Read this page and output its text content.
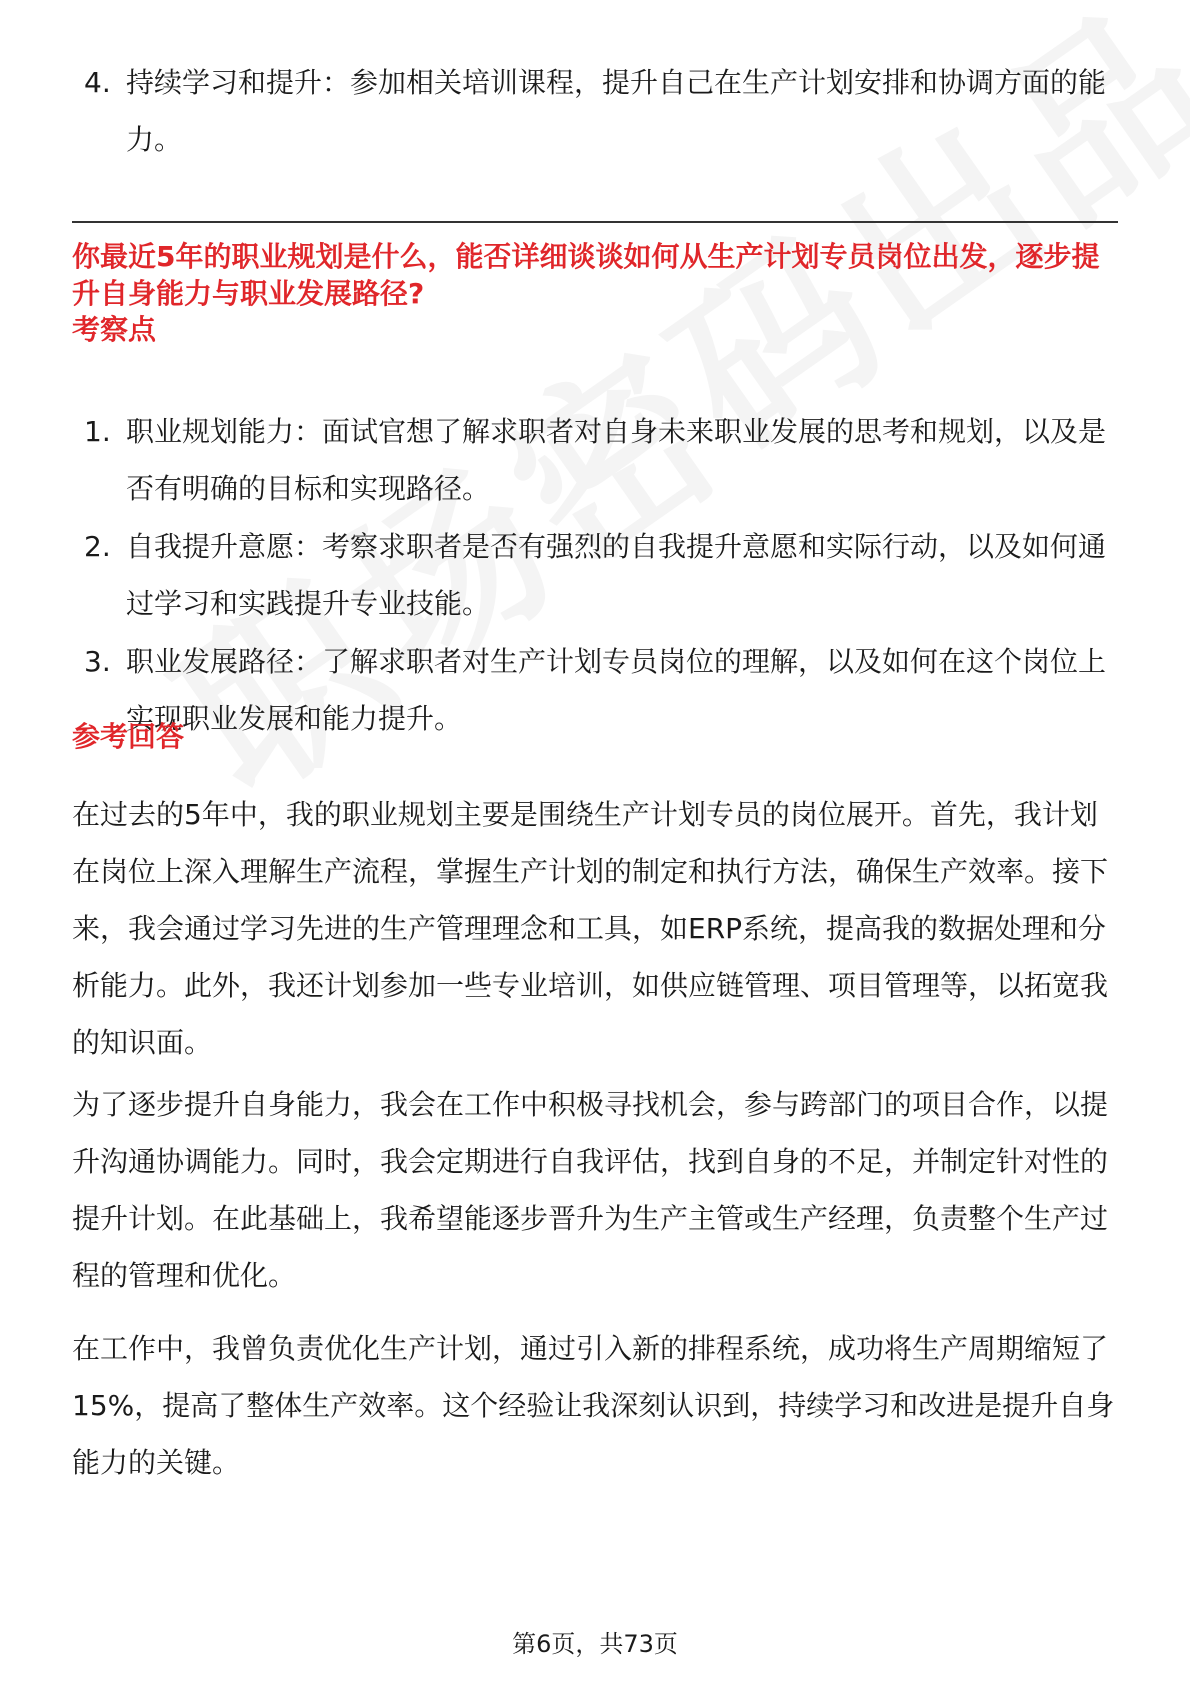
4. 持续学习和提升：参加相关培训课程，提升自己在生产计划安排和协调方面的能力。
你最近5年的职业规划是什么，能否详细谈谈如何从生产计划专员岗位出发，逐步提升自身能力与职业发展路径?
考察点
1. 职业规划能力：面试官想了解求职者对自身未来职业发展的思考和规划，以及是否有明确的目标和实现路径。
2. 自我提升意愿：考察求职者是否有强烈的自我提升意愿和实际行动，以及如何通过学习和实践提升专业技能。
3. 职业发展路径：了解求职者对生产计划专员岗位的理解，以及如何在这个岗位上实现职业发展和能力提升。
参考回答

在过去的5年中，我的职业规划主要是围绕生产计划专员的岗位展开。首先，我计划在岗位上深入理解生产流程，掌握生产计划的制定和执行方法，确保生产效率。接下来，我会通过学习先进的生产管理理念和工具，如ERP系统，提高我的数据处理和分析能力。此外，我还计划参加一些专业培训，如供应链管理、项目管理等，以拓宽我的知识面。

为了逐步提升自身能力，我会在工作中积极寻找机会，参与跨部门的项目合作，以提升沟通协调能力。同时，我会定期进行自我评估，找到自身的不足，并制定针对性的提升计划。在此基础上，我希望能逐步晋升为生产主管或生产经理，负责整个生产过程的管理和优化。

在工作中，我曾负责优化生产计划，通过引入新的排程系统，成功将生产周期缩短了15%，提高了整体生产效率。这个经验让我深刻认识到，持续学习和改进是提升自身能力的关键。

第6页，共73页
